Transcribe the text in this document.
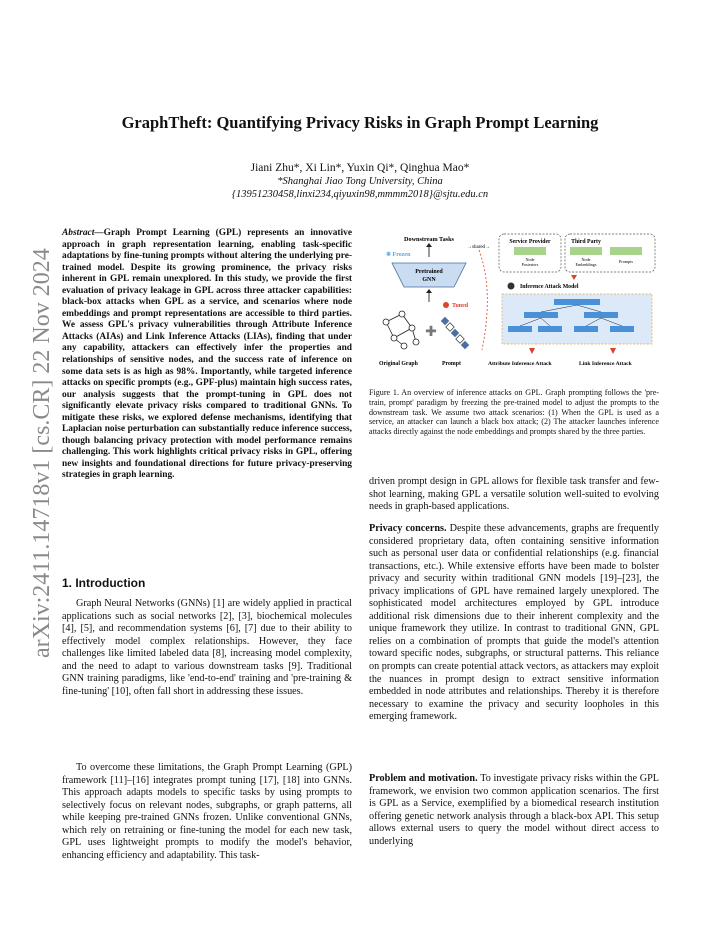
arXiv:2411.14718v1 [cs.CR] 22 Nov 2024
GraphTheft: Quantifying Privacy Risks in Graph Prompt Learning
Jiani Zhu*, Xi Lin*, Yuxin Qi*, Qinghua Mao*
*Shanghai Jiao Tong University, China
{13951230458,linxi234,qiyuxin98,mmmm2018}@sjtu.edu.cn

Abstract—Graph Prompt Learning (GPL) represents an innovative approach in graph representation learning, enabling task-specific adaptations by fine-tuning prompts without altering the underlying pre-trained model. Despite its growing prominence, the privacy risks inherent in GPL remain unexplored. In this study, we provide the first evaluation of privacy leakage in GPL across three attacker capabilities: black-box attacks when GPL as a service, and scenarios where node embeddings and prompt representations are accessible to third parties. We assess GPL's privacy vulnerabilities through Attribute Inference Attacks (AIAs) and Link Inference Attacks (LIAs), finding that under any capability, attackers can effectively infer the properties and relationships of sensitive nodes, and the success rate of inference on some data sets is as high as 98%. Importantly, while targeted inference attacks on specific prompts (e.g., GPF-plus) maintain high success rates, our analysis suggests that the prompt-tuning in GPL does not significantly elevate privacy risks compared to traditional GNNs. To mitigate these risks, we explored defense mechanisms, identifying that Laplacian noise perturbation can substantially reduce inference success, though balancing privacy protection with model performance remains challenging. This work highlights critical privacy risks in GPL, offering new insights and foundational directions for future privacy-preserving strategies in graph learning.

1. Introduction

Graph Neural Networks (GNNs) [1] are widely applied in practical applications such as social networks [2], [3], biochemical molecules [4], [5], and recommendation systems [6], [7] due to their ability to effectively model complex relationships. However, they face challenges like limited labeled data [8], increasing model complexity, and the need to adapt to various downstream tasks [9]. Traditional GNN training paradigms, like 'end-to-end' training and 'pre-training & fine-tuning' [10], often fall short in addressing these issues.

To overcome these limitations, the Graph Prompt Learning (GPL) framework [11]–[16] integrates prompt tuning [17], [18] into GNNs. This approach adapts models to specific tasks by using prompts to selectively focus on relevant nodes, subgraphs, or graph patterns, all while keeping pre-trained GNNs frozen. Unlike conventional GNNs, which rely on retraining or fine-tuning the model for each new task, GPL uses lightweight prompts to modify the model's behavior, enhancing efficiency and adaptability. This task-

Downstream Tasks
❄ Frozen
Pretrained
GNN
Tuned
✚
Original Graph	Prompt
→shared→
Service Provider
Node
Posteriors
Third Party
Node
Embeddings
Prompts
Inference Attack Model
Attribute Inference Attack	Link Inference Attack
Figure 1. An overview of inference attacks on GPL. Graph prompting follows the 'pre-train, prompt' paradigm by freezing the pre-trained model to adjust the prompts to the downstream task. We assume two attack scenarios: (1) When the GPL is used as a service, an attacker can launch a black box attack; (2) The attacker launches inference attacks directly against the node embeddings and prompts shared by the three parties.

driven prompt design in GPL allows for flexible task transfer and few-shot learning, making GPL a versatile solution well-suited to evolving needs in graph-based applications.

Privacy concerns. Despite these advancements, graphs are frequently considered proprietary data, often containing sensitive information such as personal user data or confidential relationships (e.g. financial transactions, etc.). While extensive efforts have been made to bolster privacy and security within traditional GNN models [19]–[23], the privacy implications of GPL have remained largely unexplored. The sophisticated model architectures employed by GPL introduce additional risk dimensions due to their inherent complexity and the unique framework they utilize. In contrast to traditional GNN, GPL relies on a combination of prompts that guide the model's attention toward specific nodes, subgraphs, or structural patterns. This reliance on prompts can create potential attack vectors, as attackers may exploit the nuances in prompt design to extract sensitive information embedded in node attributes and relationships. Thereby it is therefore necessary to examine the privacy and security loopholes in this emerging framework.

Problem and motivation. To investigate privacy risks within the GPL framework, we envision two common application scenarios. The first is GPL as a Service, exemplified by a biomedical research institution offering genetic network analysis through a black-box API. This setup allows external users to query the model without direct access to underlying
